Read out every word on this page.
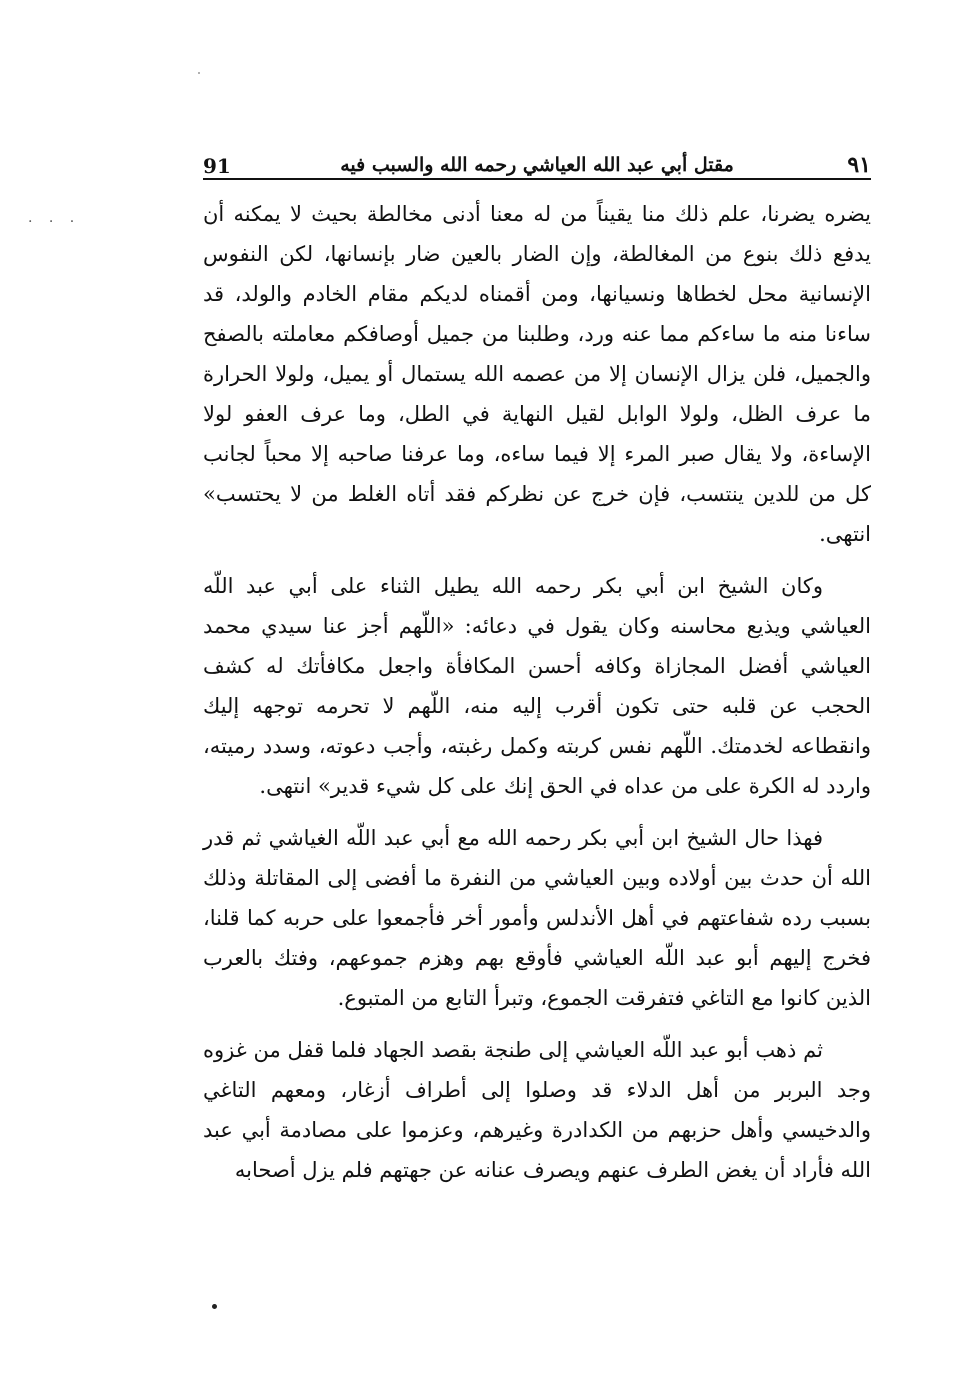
٩١
مقتل أبي عبد الله العياشي رحمه الله والسبب فيه
91
. . .	يضره يضرنا، علم ذلك منا يقيناً من له معنا أدنى مخالطة بحيث لا يمكنه أن يدفع ذلك بنوع من المغالطة، وإن الضار بالعين ضار بإنسانها، لكن النفوس الإنسانية محل لخطاها ونسيانها، ومن أقمناه لديكم مقام الخادم والولد، قد ساءنا منه ما ساءكم مما عنه ورد، وطلبنا من جميل أوصافكم معاملته بالصفح والجميل، فلن يزال الإنسان إلا من عصمه الله يستمال أو يميل، ولولا الحرارة ما عرف الظل، ولولا الوابل لقيل النهاية في الطل، وما عرف العفو لولا الإساءة، ولا يقال صبر المرء إلا فيما ساءه، وما عرفنا صاحبه إلا محباً لجانب كل من للدين ينتسب، فإن خرج عن نظركم فقد أتاه الغلط من لا يحتسب» انتهى.

وكان الشيخ ابن أبي بكر رحمه الله يطيل الثناء على أبي عبد اللّه العياشي ويذيع محاسنه وكان يقول في دعائه: «اللّهم أجز عنا سيدي محمد العياشي أفضل المجازاة وكافه أحسن المكافأة واجعل مكافأتك له كشف الحجب عن قلبه حتى تكون أقرب إليه منه، اللّهم لا تحرمه توجهه إليك وانقطاعه لخدمتك. اللّهم نفس كربته وكمل رغبته، وأجب دعوته، وسدد رميته، واردد له الكرة على من عداه في الحق إنك على كل شيء قدير» انتهى.

فهذا حال الشيخ ابن أبي بكر رحمه الله مع أبي عبد اللّه الغياشي ثم قدر الله أن حدث بين أولاده وبين العياشي من النفرة ما أفضى إلى المقاتلة وذلك بسبب رده شفاعتهم في أهل الأندلس وأمور أخر فأجمعوا على حربه كما قلنا، فخرج إليهم أبو عبد اللّه العياشي فأوقع بهم وهزم جموعهم، وفتك بالعرب الذين كانوا مع التاغي فتفرقت الجموع، وتبرأ التابع من المتبوع.

ثم ذهب أبو عبد اللّه العياشي إلى طنجة بقصد الجهاد فلما قفل من غزوه وجد البربر من أهل الدلاء قد وصلوا إلى أطراف أزغار، ومعهم التاغي والدخيسي وأهل حزبهم من الكدادرة وغيرهم، وعزموا على مصادمة أبي عبد الله فأراد أن يغض الطرف عنهم ويصرف عنانه عن جهتهم فلم يزل أصحابه
